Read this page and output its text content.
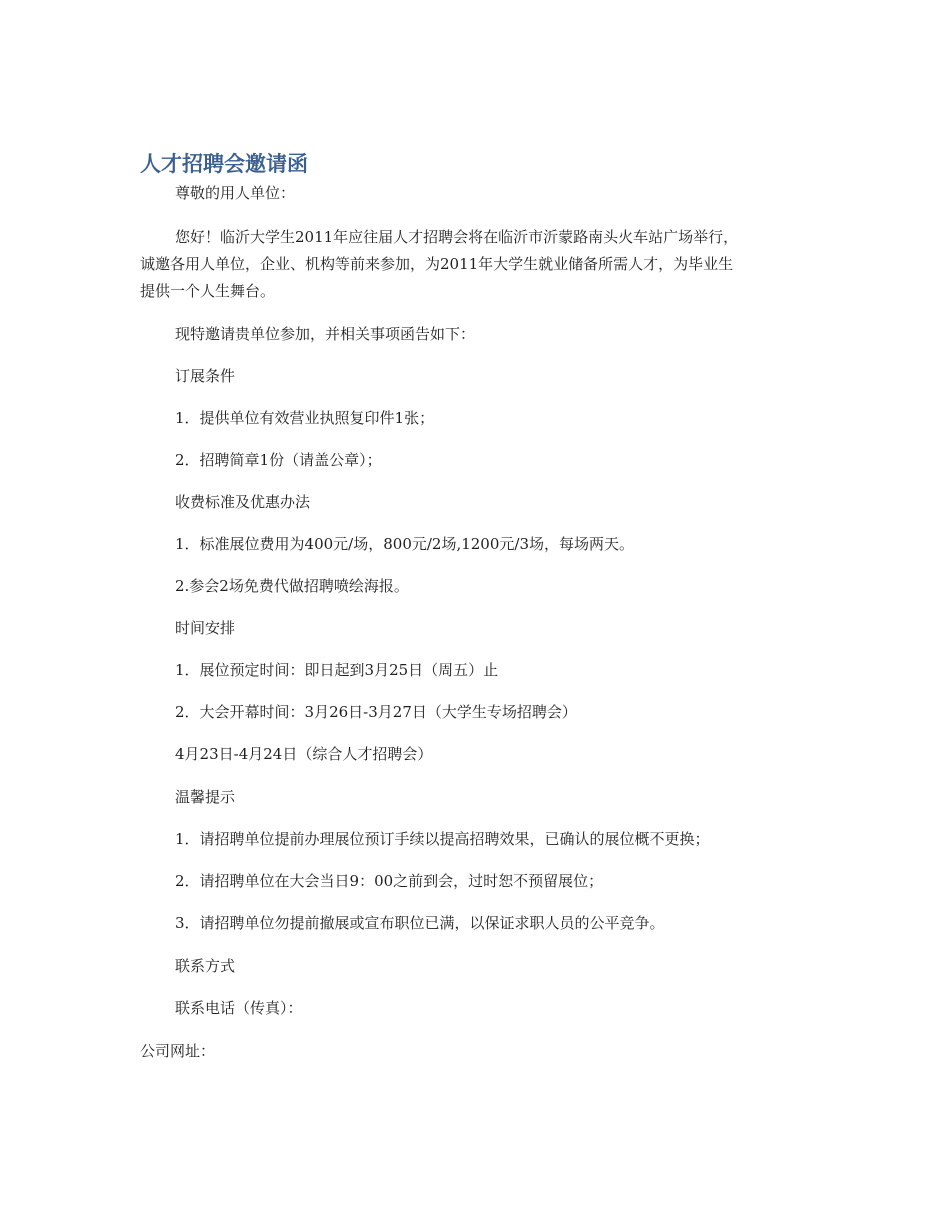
人才招聘会邀请函

尊敬的用人单位：

您好！临沂大学生2011年应往届人才招聘会将在临沂市沂蒙路南头火车站广场举行，

诚邀各用人单位，企业、机构等前来参加，为2011年大学生就业储备所需人才，为毕业生

提供一个人生舞台。

现特邀请贵单位参加，并相关事项函告如下：

订展条件

1．提供单位有效营业执照复印件1张；

2．招聘简章1份（请盖公章）；

收费标准及优惠办法

1．标准展位费用为400元/场，800元/2场,1200元/3场，每场两天。

2.参会2场免费代做招聘喷绘海报。

时间安排

1．展位预定时间：即日起到3月25日（周五）止

2．大会开幕时间：3月26日-3月27日（大学生专场招聘会）

4月23日-4月24日（综合人才招聘会）

温馨提示

1．请招聘单位提前办理展位预订手续以提高招聘效果，已确认的展位概不更换；

2．请招聘单位在大会当日9：00之前到会，过时恕不预留展位；

3．请招聘单位勿提前撤展或宣布职位已满，以保证求职人员的公平竞争。

联系方式

联系电话（传真）：

公司网址：
